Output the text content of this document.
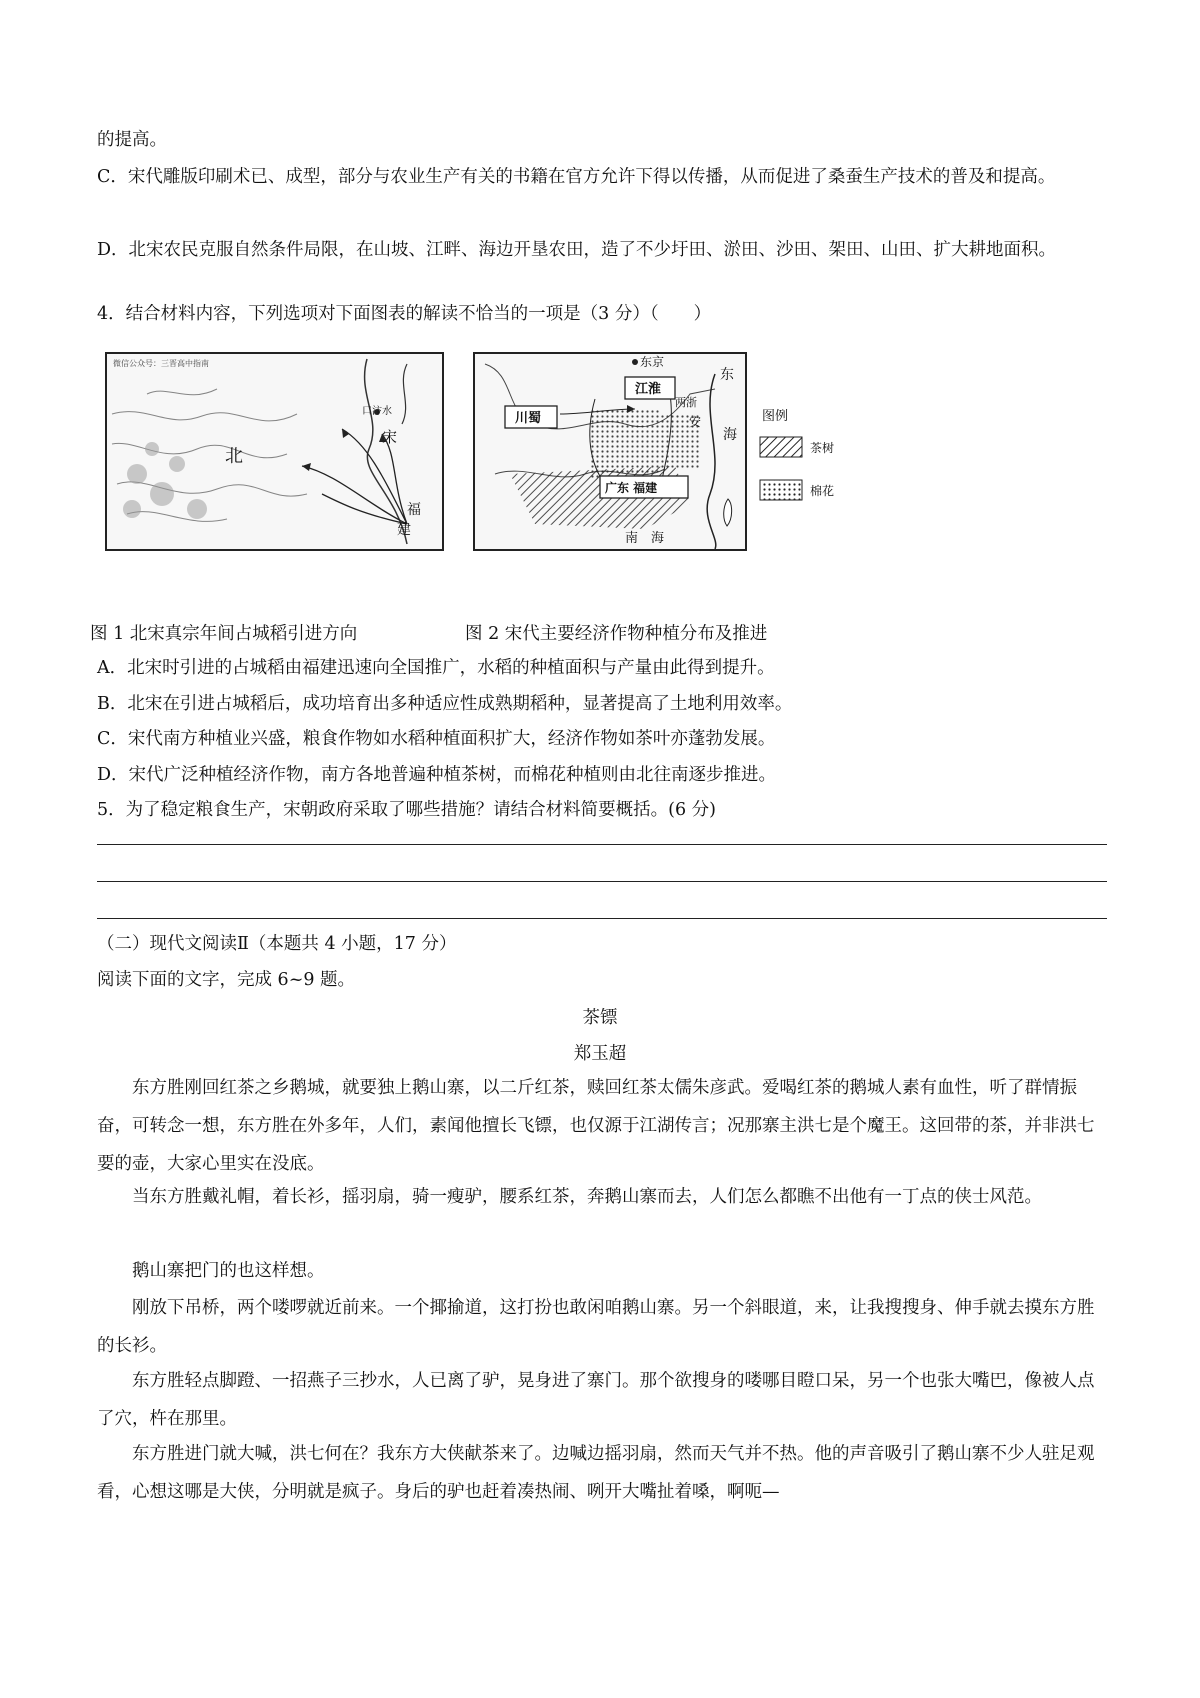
的提高。
C．宋代雕版印刷术已、成型，部分与农业生产有关的书籍在官方允许下得以传播，从而促进了桑蚕生产技术的普及和提高。
D．北宋农民克服自然条件局限，在山坡、江畔、海边开垦农田，造了不少圩田、淤田、沙田、架田、山田、扩大耕地面积。
4．结合材料内容，下列选项对下面图表的解读不恰当的一项是（3 分）（　　）
微信公众号：三晋高中指南
口汴水
宋
北
福
建
东京
江淮
川蜀
两浙
安
东
海
广东 福建
南　海
图例
茶树
棉花
图 1 北宋真宗年间占城稻引进方向	图 2 宋代主要经济作物种植分布及推进
A．北宋时引进的占城稻由福建迅速向全国推广，水稻的种植面积与产量由此得到提升。
B．北宋在引进占城稻后，成功培育出多种适应性成熟期稻种，显著提高了土地利用效率。
C．宋代南方种植业兴盛，粮食作物如水稻种植面积扩大，经济作物如茶叶亦蓬勃发展。
D．宋代广泛种植经济作物，南方各地普遍种植茶树，而棉花种植则由北往南逐步推进。
5．为了稳定粮食生产，宋朝政府采取了哪些措施？请结合材料简要概括。(6 分)
（二）现代文阅读Ⅱ（本题共 4 小题，17 分）
阅读下面的文字，完成 6~9 题。
茶镖
郑玉超
东方胜刚回红茶之乡鹅城，就要独上鹅山寨，以二斤红茶，赎回红茶太儒朱彦武。爱喝红茶的鹅城人素有血性，听了群情振奋，可转念一想，东方胜在外多年，人们，素闻他擅长飞镖，也仅源于江湖传言；况那寨主洪七是个魔王。这回带的茶，并非洪七要的壶，大家心里实在没底。
当东方胜戴礼帽，着长衫，摇羽扇，骑一瘦驴，腰系红茶，奔鹅山寨而去，人们怎么都瞧不出他有一丁点的侠士风范。
鹅山寨把门的也这样想。
刚放下吊桥，两个喽啰就近前来。一个揶揄道，这打扮也敢闲咱鹅山寨。另一个斜眼道，来，让我搜搜身、伸手就去摸东方胜的长衫。
东方胜轻点脚蹬、一招燕子三抄水，人已离了驴，晃身进了寨门。那个欲搜身的喽哪目瞪口呆，另一个也张大嘴巴，像被人点了穴，杵在那里。
东方胜进门就大喊，洪七何在？我东方大侠献茶来了。边喊边摇羽扇，然而天气并不热。他的声音吸引了鹅山寨不少人驻足观看，心想这哪是大侠，分明就是疯子。身后的驴也赶着凑热闹、咧开大嘴扯着嗓，啊呃—
